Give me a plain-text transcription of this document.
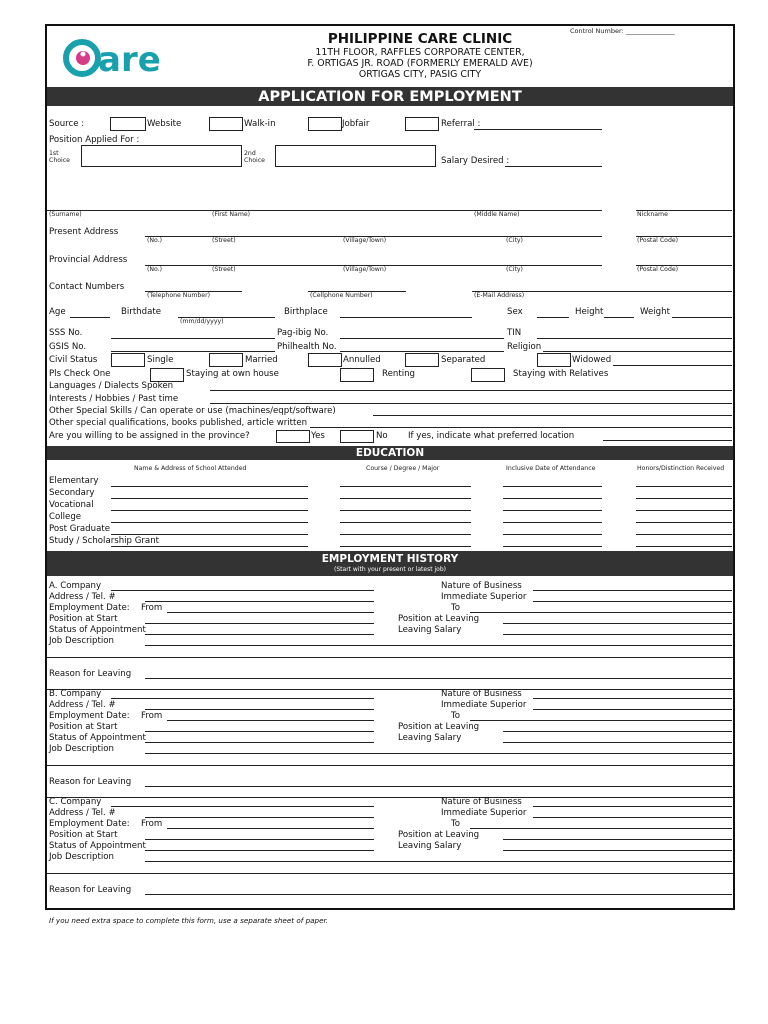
Control Number: _______________
are
PHILIPPINE CARE CLINIC
11TH FLOOR, RAFFLES CORPORATE CENTER,
F. ORTIGAS JR. ROAD (FORMERLY EMERALD AVE)
ORTIGAS CITY, PASIG CITY
APPLICATION FOR EMPLOYMENT
Source :	Website	Walk-in	Jobfair	Referral :
Position Applied For :
1st Choice
2nd Choice	Salary Desired :
(Surname)	(First Name)	(Middle Name)	Nickname
Present Address
(No.)	(Street)	(Village/Town)	(City)	(Postal Code)
Provincial Address
(No.)	(Street)	(Village/Town)	(City)	(Postal Code)
Contact Numbers
(Telephone Number)	(Cellphone Number)	(E-Mail Address)
Age	Birthdate
(mm/dd/yyyy)
Birthplace	Sex	Height	Weight
SSS No.	Pag-ibig No.	TIN
GSIS No.	Philhealth No.	Religion
Civil Status	Single	Married	Annulled	Separated	Widowed
Pls Check One	Staying at own house	Renting	Staying with Relatives
Languages / Dialects Spoken
Interests / Hobbies / Past time
Other Special Skills / Can operate or use (machines/eqpt/software)
Other special qualifications, books published, article written
Are you willing to be assigned in the province?	Yes	No If yes, indicate what preferred location
EDUCATION
Name & Address of School Attended	Course / Degree / Major	Inclusive Date of Attendance	Honors/Distinction Received
Elementary
Secondary
Vocational
College
Post Graduate
Study / Scholarship Grant
EMPLOYMENT HISTORY
(Start with your present or latest job)
A. Company	Nature of Business
Address / Tel. #	Immediate Superior
Employment Date: From	To
Position at Start	Position at Leaving
Status of Appointment	Leaving Salary
Job Description
Reason for Leaving
B. Company	Nature of Business
Address / Tel. #	Immediate Superior
Employment Date: From	To
Position at Start	Position at Leaving
Status of Appointment	Leaving Salary
Job Description
Reason for Leaving
C. Company	Nature of Business
Address / Tel. #	Immediate Superior
Employment Date: From	To
Position at Start	Position at Leaving
Status of Appointment	Leaving Salary
Job Description
Reason for Leaving
If you need extra space to complete this form, use a separate sheet of paper.
